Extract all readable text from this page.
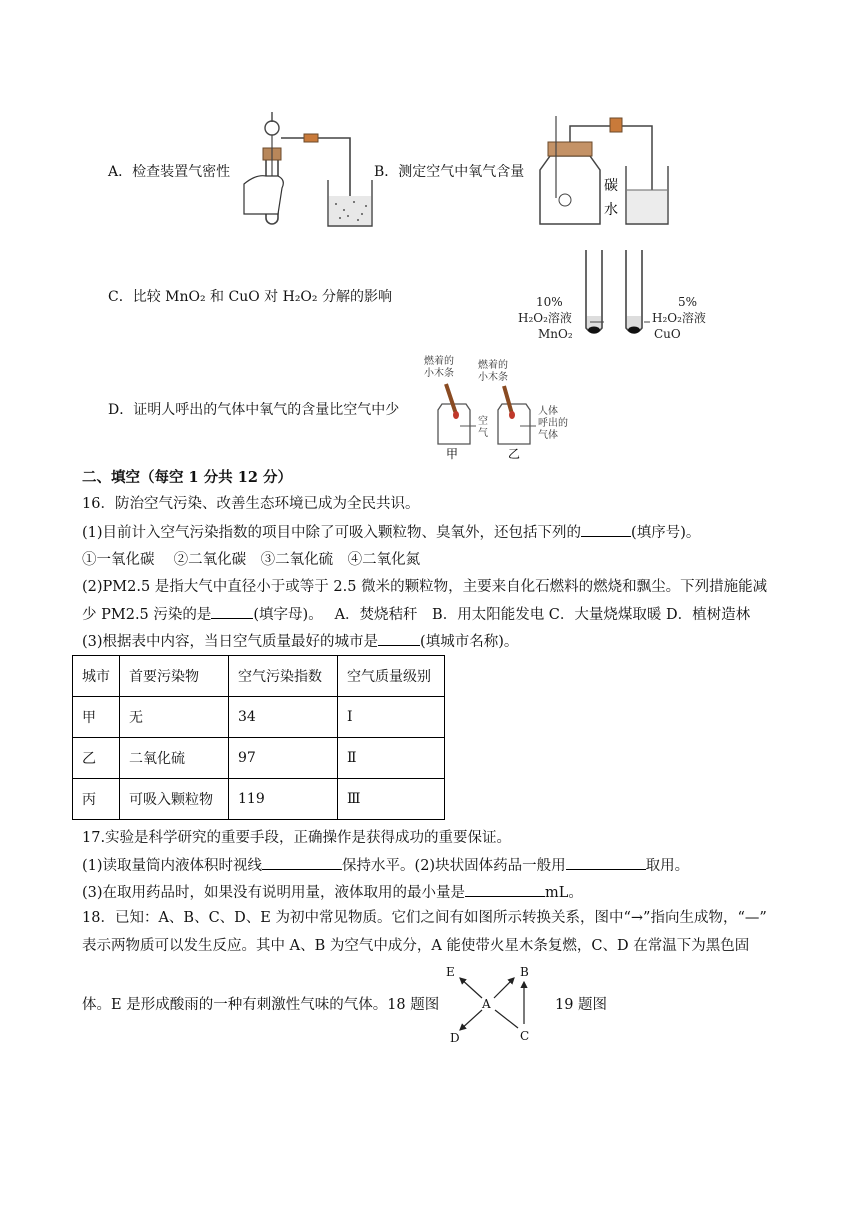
A．检查装置气密性	B．测定空气中氧气含量
碳
水
C．比较 MnO₂ 和 CuO 对 H₂O₂ 分解的影响	10%
H₂O₂溶液
MnO₂
5%
H₂O₂溶液
CuO
D．证明人呼出的气体中氧气的含量比空气中少
燃着的
小木条
燃着的
小木条
空
气
人体
呼出的
气体
甲	乙
二、填空（每空 1 分共 12 分）
16．防治空气污染、改善生态环境已成为全民共识。
(1)目前计入空气污染指数的项目中除了可吸入颗粒物、臭氧外，还包括下列的	(填序号)。
①一氧化碳　 ②二氧化碳　③二氧化硫　④二氧化氮
(2)PM2.5 是指大气中直径小于或等于 2.5 微米的颗粒物，主要来自化石燃料的燃烧和飘尘。下列措施能减
少 PM2.5 污染的是	(填字母)。　 A．焚烧秸秆　B．用太阳能发电 C．大量烧煤取暖 D．植树造林
(3)根据表中内容，当日空气质量最好的城市是	(填城市名称)。
城市	首要污染物	空气污染指数	空气质量级别
甲	无	34	Ⅰ
乙	二氧化硫	97	Ⅱ
丙	可吸入颗粒物	119	Ⅲ
17.实验是科学研究的重要手段，正确操作是获得成功的重要保证。
(1)读取量筒内液体积时视线	保持水平。(2)块状固体药品一般用	取用。
(3)在取用药品时，如果没有说明用量，液体取用的最小量是	mL。
18．已知：A、B、C、D、E 为初中常见物质。它们之间有如图所示转换关系，图中“→”指向生成物，“—”
表示两物质可以发生反应。其中 A、B 为空气中成分，A 能使带火星木条复燃，C、D 在常温下为黑色固
体。E 是形成酸雨的一种有刺激性气味的气体。18 题图
E	B
A
D	C
19 题图
